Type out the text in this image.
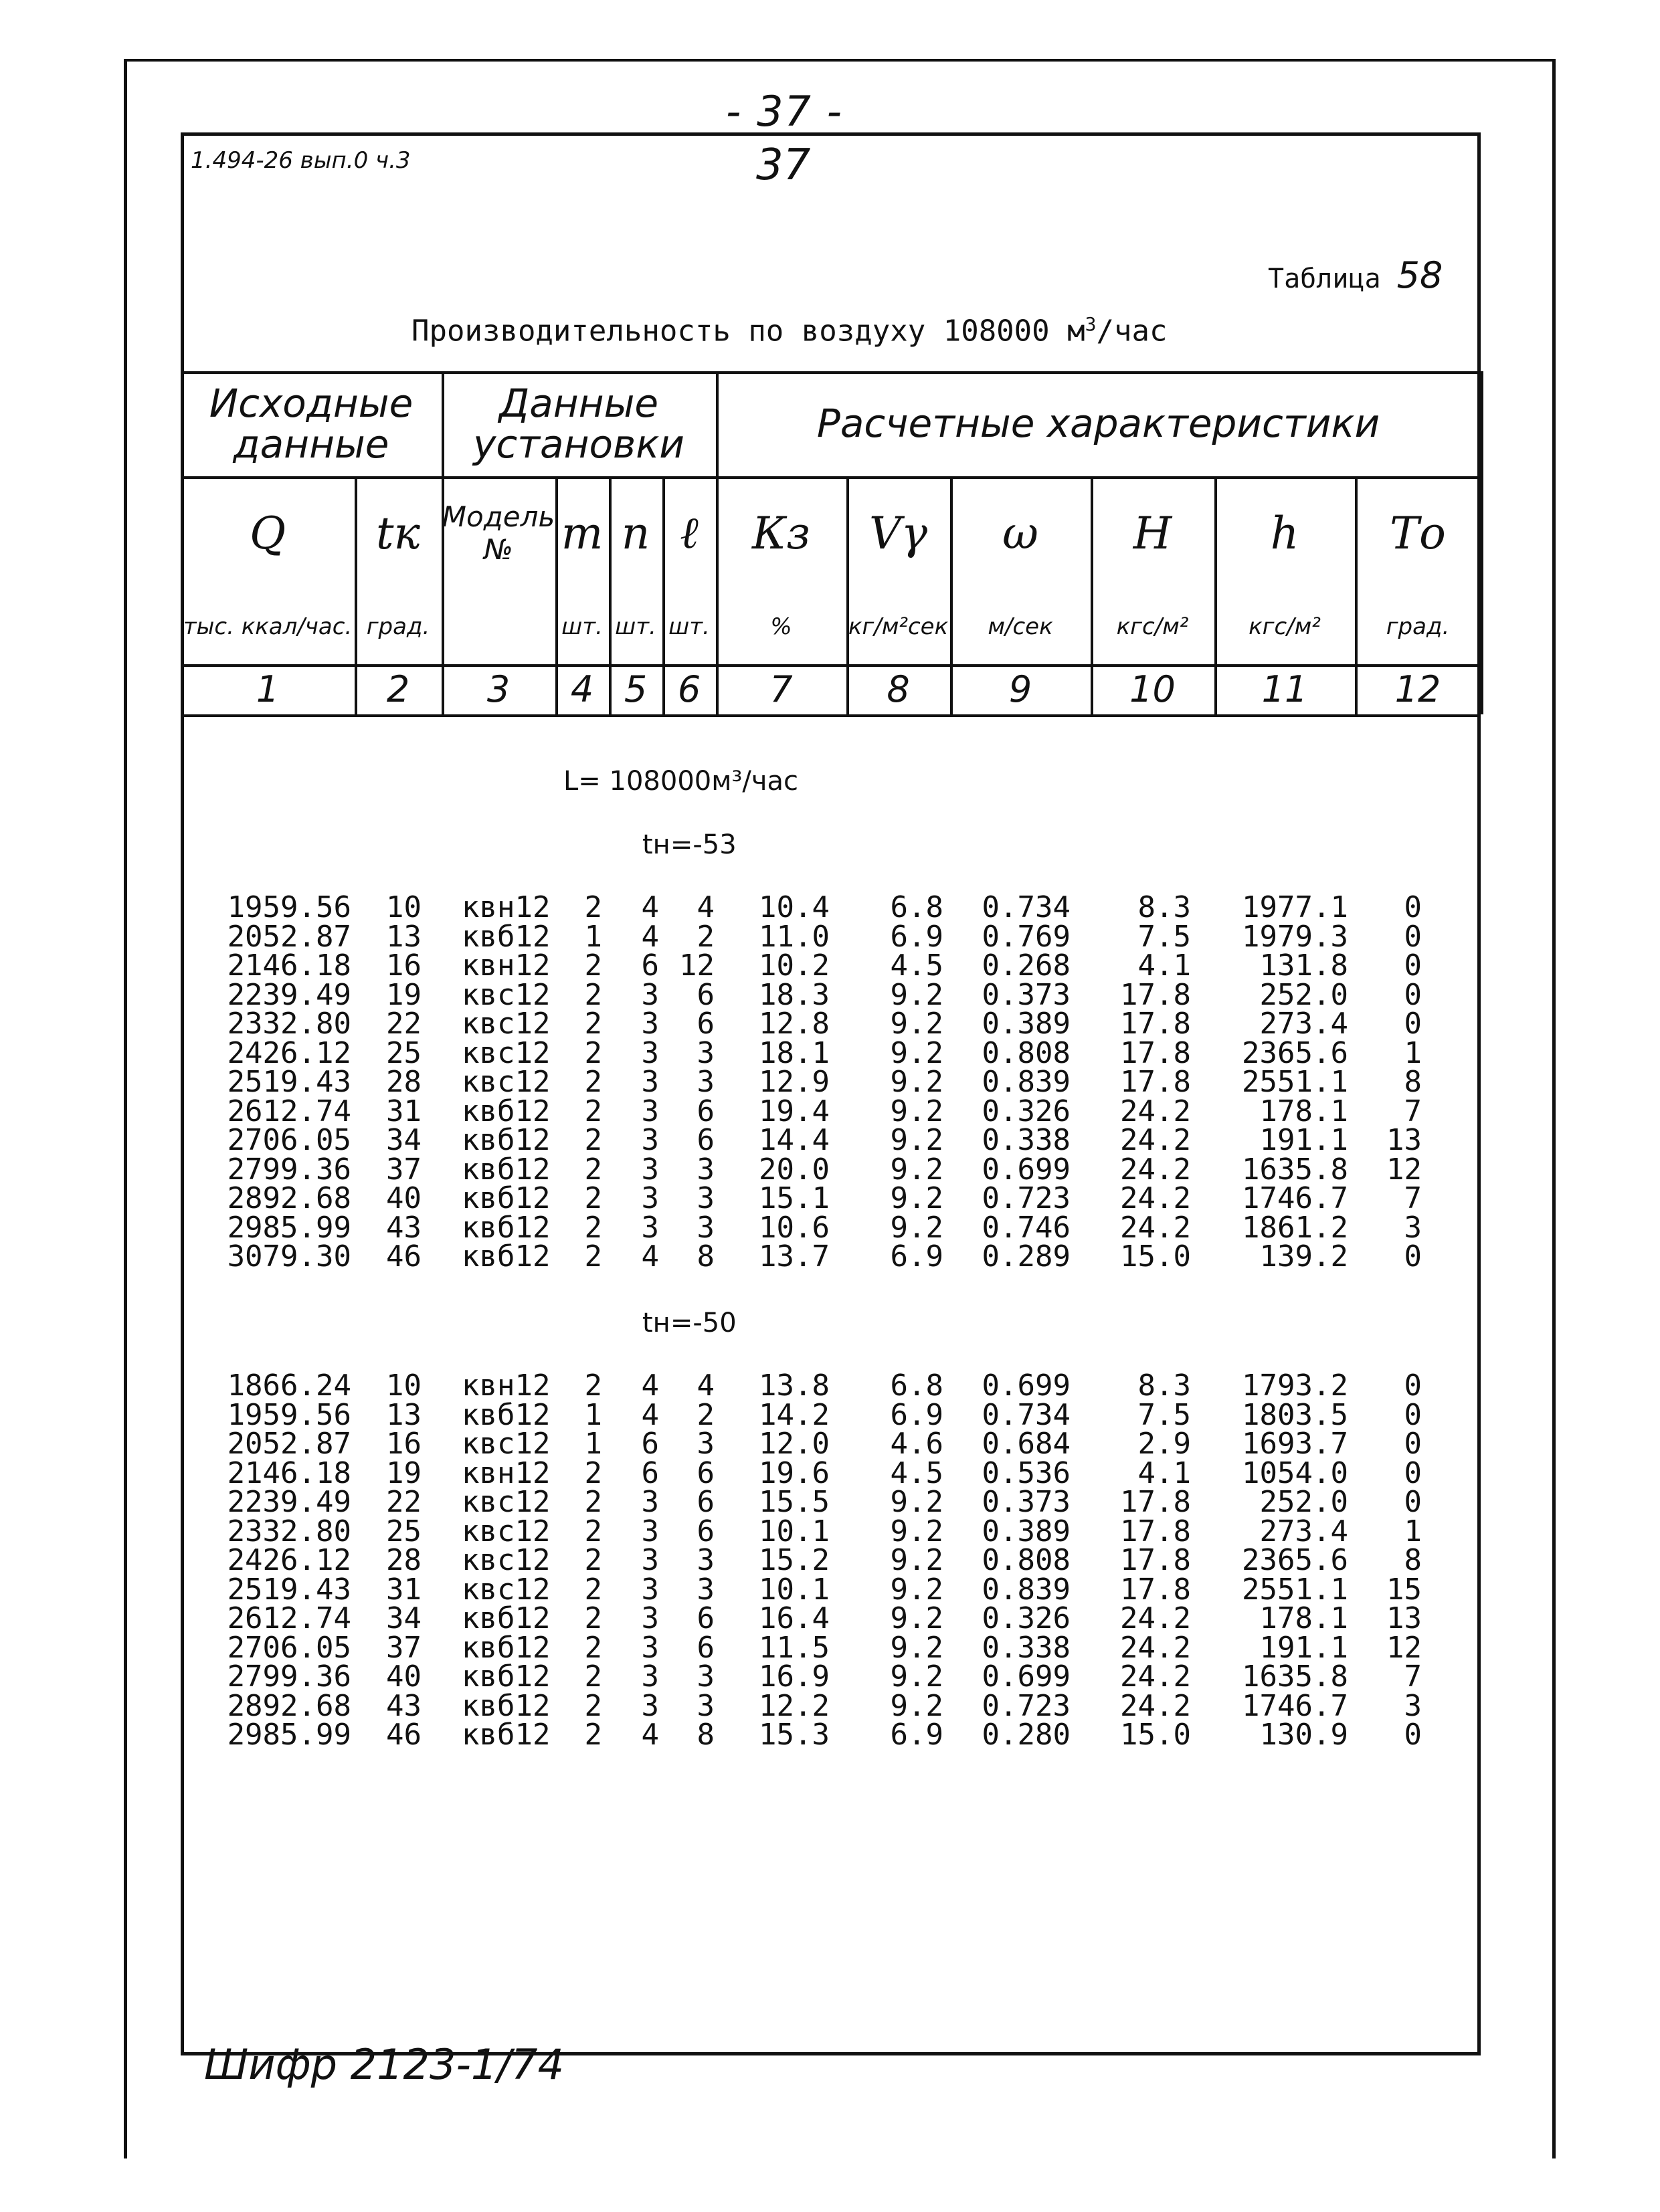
- 37 -
1.494-26 вып.0 ч.3	37
Таблица 58
Производительность по воздуху 108000 $м^3$/час
Исходные данные
Данные установки	Расчетные характеристики
Q
тыс. ккал/час.
1
tк
град.
2
Модель №
3
m
шт.
4
n
шт.
5
ℓ
шт.
6
Кз
%
7
Vγ
кг/м²сек
8
ω
м/сек
9
H
кгс/м²
10
h
кгс/м²
11
Tо
град.
12
L= 108000м³/час
tн=-53
1959.56 10 квн12 2 4 4 10.4 6.8 0.734 8.3 1977.1 0
2052.87 13 квб12 1 4 2 11.0 6.9 0.769 7.5 1979.3 0
2146.18 16 квн12 2 6 12 10.2 4.5 0.268 4.1 131.8 0
2239.49 19 квс12 2 3 6 18.3 9.2 0.373 17.8 252.0 0
2332.80 22 квс12 2 3 6 12.8 9.2 0.389 17.8 273.4 0
2426.12 25 квс12 2 3 3 18.1 9.2 0.808 17.8 2365.6 1
2519.43 28 квс12 2 3 3 12.9 9.2 0.839 17.8 2551.1 8
2612.74 31 квб12 2 3 6 19.4 9.2 0.326 24.2 178.1 7
2706.05 34 квб12 2 3 6 14.4 9.2 0.338 24.2 191.1 13
2799.36 37 квб12 2 3 3 20.0 9.2 0.699 24.2 1635.8 12
2892.68 40 квб12 2 3 3 15.1 9.2 0.723 24.2 1746.7 7
2985.99 43 квб12 2 3 3 10.6 9.2 0.746 24.2 1861.2 3
3079.30 46 квб12 2 4 8 13.7 6.9 0.289 15.0 139.2 0
tн=-50
1866.24 10 квн12 2 4 4 13.8 6.8 0.699 8.3 1793.2 0
1959.56 13 квб12 1 4 2 14.2 6.9 0.734 7.5 1803.5 0
2052.87 16 квс12 1 6 3 12.0 4.6 0.684 2.9 1693.7 0
2146.18 19 квн12 2 6 6 19.6 4.5 0.536 4.1 1054.0 0
2239.49 22 квс12 2 3 6 15.5 9.2 0.373 17.8 252.0 0
2332.80 25 квс12 2 3 6 10.1 9.2 0.389 17.8 273.4 1
2426.12 28 квс12 2 3 3 15.2 9.2 0.808 17.8 2365.6 8
2519.43 31 квс12 2 3 3 10.1 9.2 0.839 17.8 2551.1 15
2612.74 34 квб12 2 3 6 16.4 9.2 0.326 24.2 178.1 13
2706.05 37 квб12 2 3 6 11.5 9.2 0.338 24.2 191.1 12
2799.36 40 квб12 2 3 3 16.9 9.2 0.699 24.2 1635.8 7
2892.68 43 квб12 2 3 3 12.2 9.2 0.723 24.2 1746.7 3
2985.99 46 квб12 2 4 8 15.3 6.9 0.280 15.0 130.9 0
Шифр 2123-1/74
